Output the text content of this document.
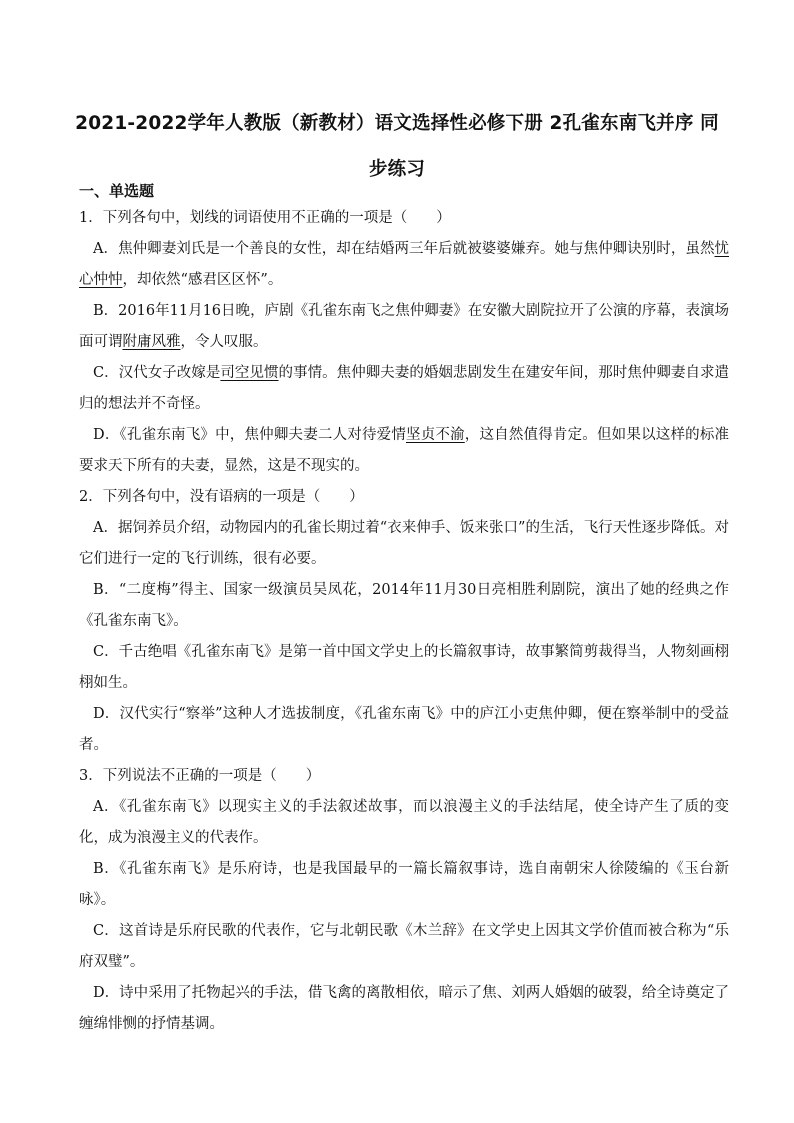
2021-2022学年人教版（新教材）语文选择性必修下册 2孔雀东南飞并序 同步练习
一、单选题

1．下列各句中，划线的词语使用不正确的一项是（　　）

A．焦仲卿妻刘氏是一个善良的女性，却在结婚两三年后就被婆婆嫌弃。她与焦仲卿诀别时，虽然忧心忡忡，却依然“感君区区怀”。

B．2016年11月16日晚，庐剧《孔雀东南飞之焦仲卿妻》在安徽大剧院拉开了公演的序幕，表演场面可谓附庸风雅，令人叹服。

C．汉代女子改嫁是司空见惯的事情。焦仲卿夫妻的婚姻悲剧发生在建安年间，那时焦仲卿妻自求遣归的想法并不奇怪。

D．《孔雀东南飞》中，焦仲卿夫妻二人对待爱情坚贞不渝，这自然值得肯定。但如果以这样的标准要求天下所有的夫妻，显然，这是不现实的。

2．下列各句中，没有语病的一项是（　　）

A．据饲养员介绍，动物园内的孔雀长期过着“衣来伸手、饭来张口”的生活，飞行天性逐步降低。对它们进行一定的飞行训练，很有必要。

B．“二度梅”得主、国家一级演员吴凤花，2014年11月30日亮相胜利剧院，演出了她的经典之作《孔雀东南飞》。

C．千古绝唱《孔雀东南飞》是第一首中国文学史上的长篇叙事诗，故事繁简剪裁得当，人物刻画栩栩如生。

D．汉代实行“察举”这种人才选拔制度，《孔雀东南飞》中的庐江小吏焦仲卿，便在察举制中的受益者。

3．下列说法不正确的一项是（　　）

A．《孔雀东南飞》以现实主义的手法叙述故事，而以浪漫主义的手法结尾，使全诗产生了质的变化，成为浪漫主义的代表作。

B．《孔雀东南飞》是乐府诗，也是我国最早的一篇长篇叙事诗，选自南朝宋人徐陵编的《玉台新咏》。

C．这首诗是乐府民歌的代表作，它与北朝民歌《木兰辞》在文学史上因其文学价值而被合称为“乐府双璧”。

D．诗中采用了托物起兴的手法，借飞禽的离散相依，暗示了焦、刘两人婚姻的破裂，给全诗奠定了缠绵悱恻的抒情基调。
